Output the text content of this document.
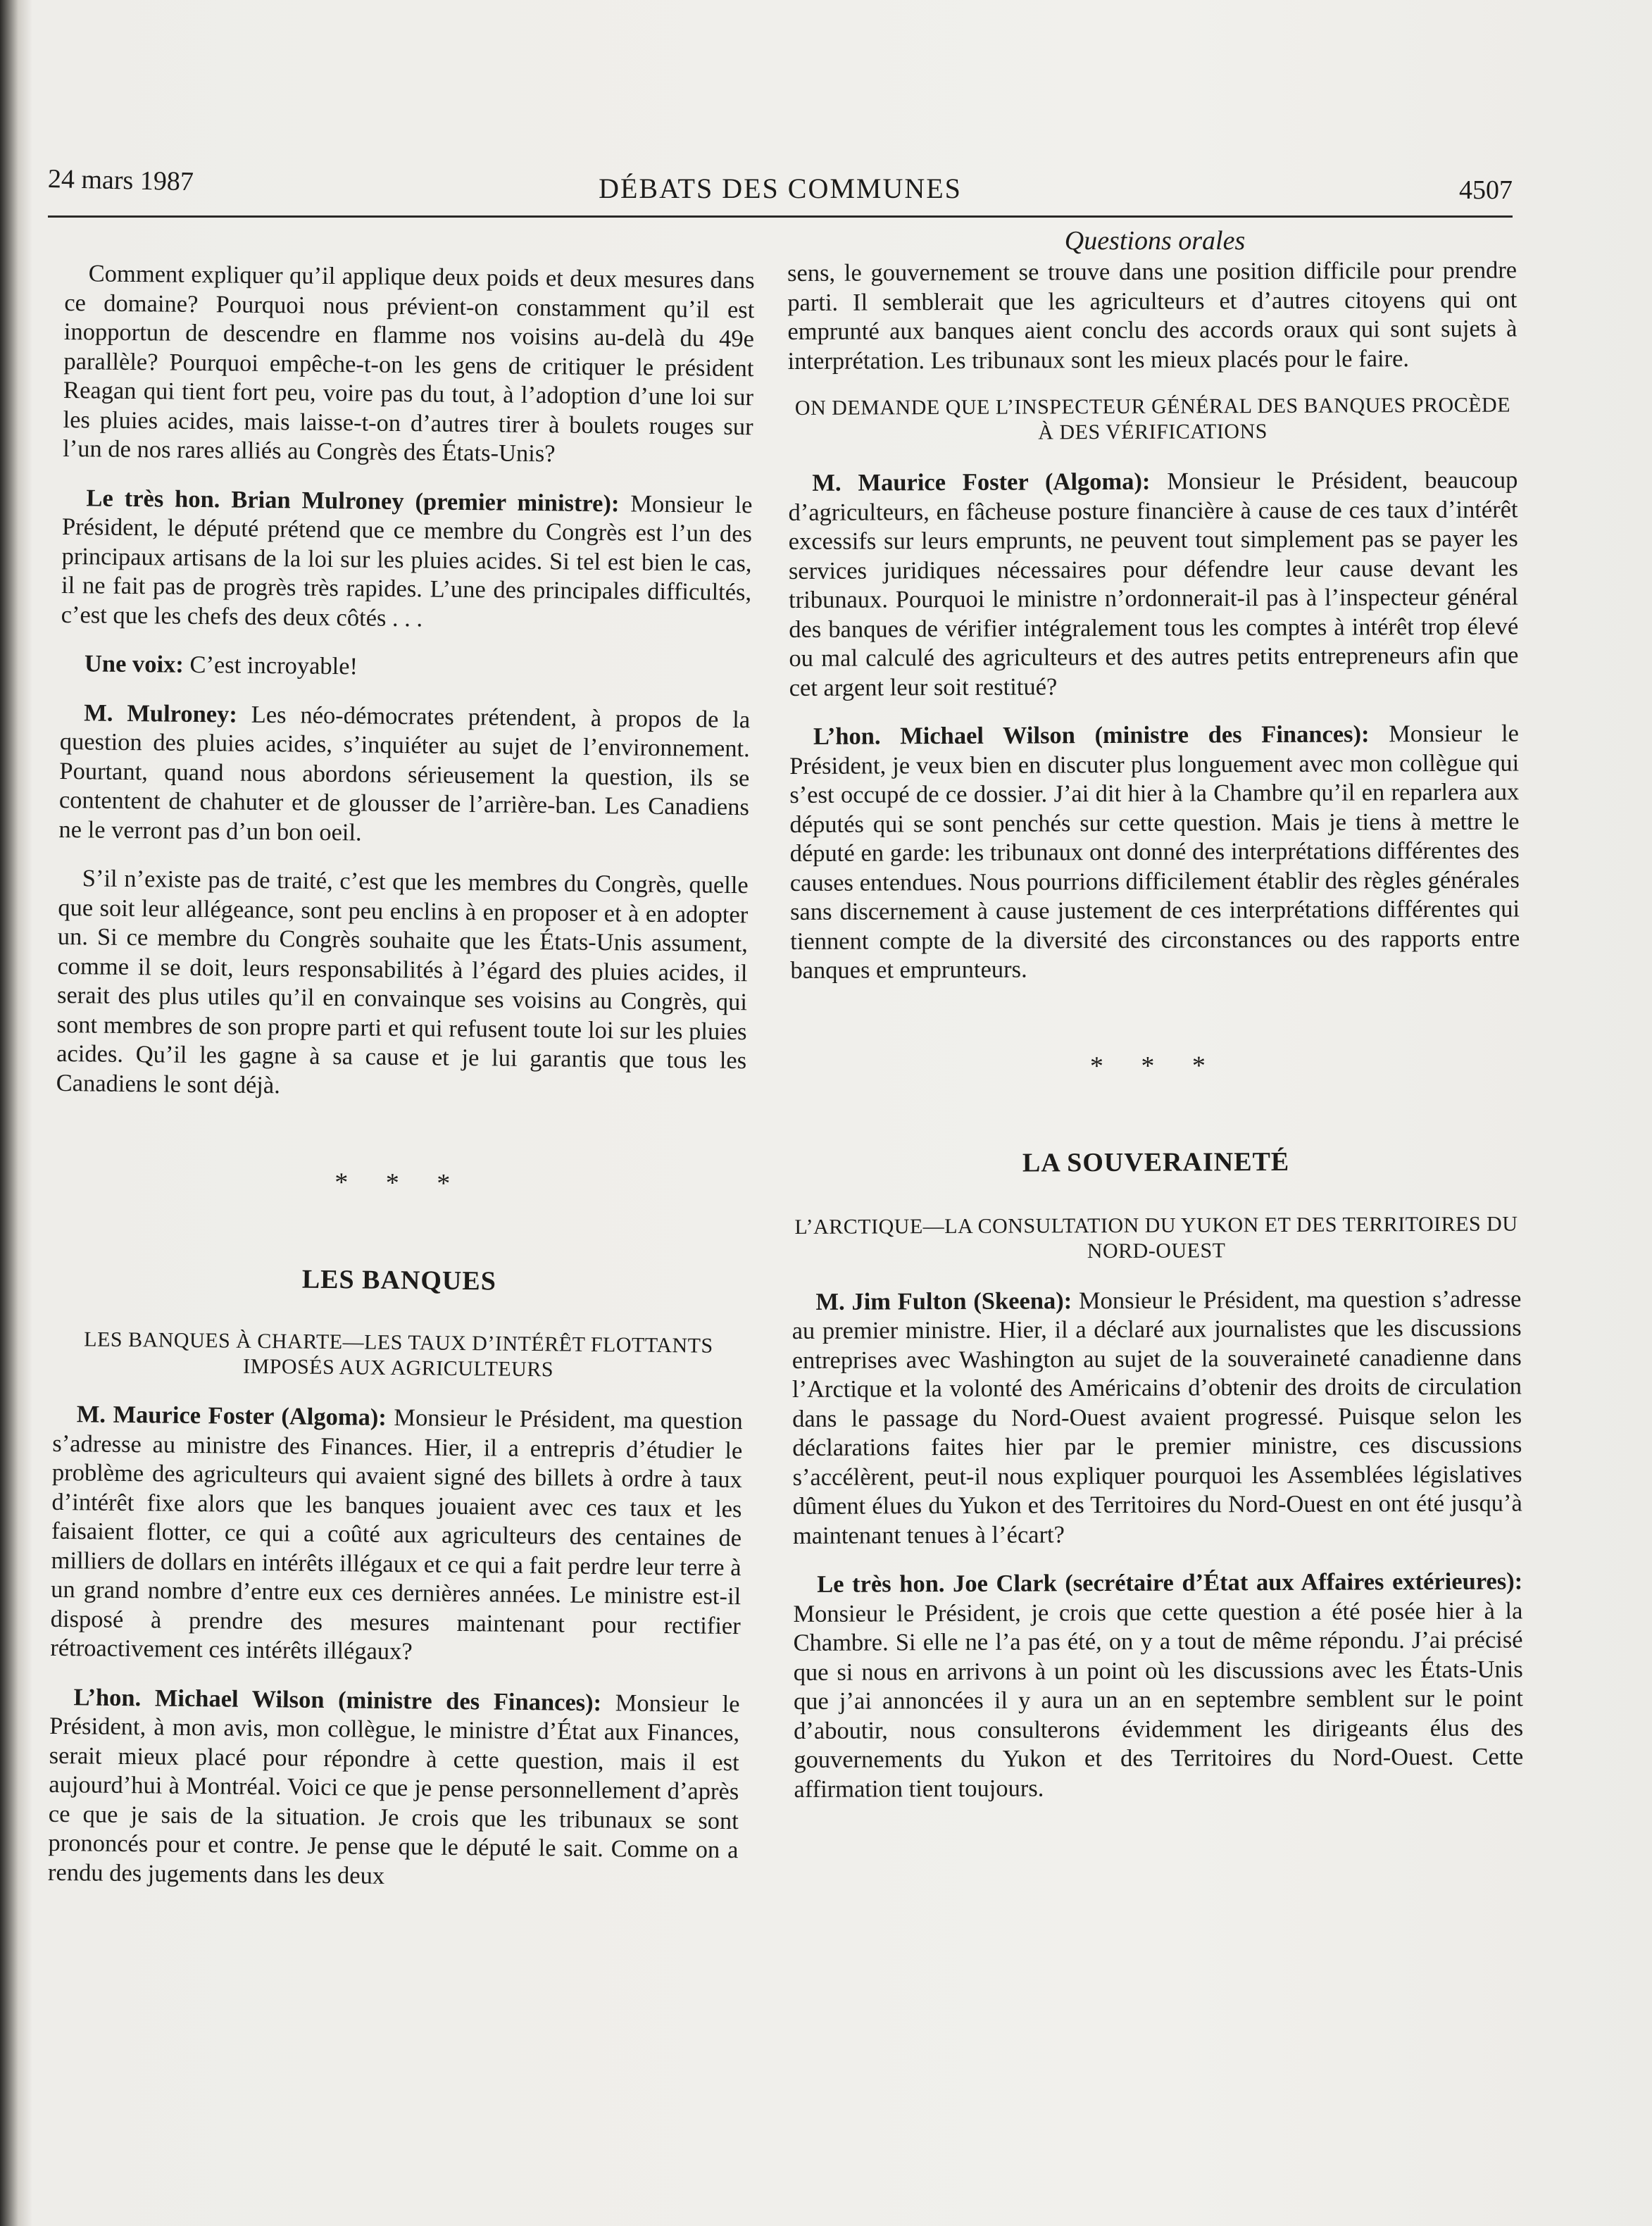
24 mars 1987	DÉBATS DES COMMUNES	4507
Questions orales

Comment expliquer qu’il applique deux poids et deux mesures dans ce domaine? Pourquoi nous prévient-on constamment qu’il est inopportun de descendre en flamme nos voisins au-delà du 49e parallèle? Pourquoi empêche-t-on les gens de critiquer le président Reagan qui tient fort peu, voire pas du tout, à l’adoption d’une loi sur les pluies acides, mais laisse-t-on d’autres tirer à boulets rouges sur l’un de nos rares alliés au Congrès des États-Unis?

Le très hon. Brian Mulroney (premier ministre): Monsieur le Président, le député prétend que ce membre du Congrès est l’un des principaux artisans de la loi sur les pluies acides. Si tel est bien le cas, il ne fait pas de progrès très rapides. L’une des principales difficultés, c’est que les chefs des deux côtés . . .

Une voix: C’est incroyable!

M. Mulroney: Les néo-démocrates prétendent, à propos de la question des pluies acides, s’inquiéter au sujet de l’environnement. Pourtant, quand nous abordons sérieusement la question, ils se contentent de chahuter et de glousser de l’arrière-ban. Les Canadiens ne le verront pas d’un bon oeil.

S’il n’existe pas de traité, c’est que les membres du Congrès, quelle que soit leur allégeance, sont peu enclins à en proposer et à en adopter un. Si ce membre du Congrès souhaite que les États-Unis assument, comme il se doit, leurs responsabilités à l’égard des pluies acides, il serait des plus utiles qu’il en convainque ses voisins au Congrès, qui sont membres de son propre parti et qui refusent toute loi sur les pluies acides. Qu’il les gagne à sa cause et je lui garantis que tous les Canadiens le sont déjà.

* * *
LES BANQUES
LES BANQUES À CHARTE—LES TAUX D’INTÉRÊT FLOTTANTS IMPOSÉS AUX AGRICULTEURS

M. Maurice Foster (Algoma): Monsieur le Président, ma question s’adresse au ministre des Finances. Hier, il a entrepris d’étudier le problème des agriculteurs qui avaient signé des billets à ordre à taux d’intérêt fixe alors que les banques jouaient avec ces taux et les faisaient flotter, ce qui a coûté aux agriculteurs des centaines de milliers de dollars en intérêts illégaux et ce qui a fait perdre leur terre à un grand nombre d’entre eux ces dernières années. Le ministre est-il disposé à prendre des mesures maintenant pour rectifier rétroactivement ces intérêts illégaux?

L’hon. Michael Wilson (ministre des Finances): Monsieur le Président, à mon avis, mon collègue, le ministre d’État aux Finances, serait mieux placé pour répondre à cette question, mais il est aujourd’hui à Montréal. Voici ce que je pense personnellement d’après ce que je sais de la situation. Je crois que les tribunaux se sont prononcés pour et contre. Je pense que le député le sait. Comme on a rendu des jugements dans les deux

sens, le gouvernement se trouve dans une position difficile pour prendre parti. Il semblerait que les agriculteurs et d’autres citoyens qui ont emprunté aux banques aient conclu des accords oraux qui sont sujets à interprétation. Les tribunaux sont les mieux placés pour le faire.

ON DEMANDE QUE L’INSPECTEUR GÉNÉRAL DES BANQUES PROCÈDE À DES VÉRIFICATIONS

M. Maurice Foster (Algoma): Monsieur le Président, beaucoup d’agriculteurs, en fâcheuse posture financière à cause de ces taux d’intérêt excessifs sur leurs emprunts, ne peuvent tout simplement pas se payer les services juridiques nécessaires pour défendre leur cause devant les tribunaux. Pourquoi le ministre n’ordonnerait-il pas à l’inspecteur général des banques de vérifier intégralement tous les comptes à intérêt trop élevé ou mal calculé des agriculteurs et des autres petits entrepreneurs afin que cet argent leur soit restitué?

L’hon. Michael Wilson (ministre des Finances): Monsieur le Président, je veux bien en discuter plus longuement avec mon collègue qui s’est occupé de ce dossier. J’ai dit hier à la Chambre qu’il en reparlera aux députés qui se sont penchés sur cette question. Mais je tiens à mettre le député en garde: les tribunaux ont donné des interprétations différentes des causes entendues. Nous pourrions difficilement établir des règles générales sans discernement à cause justement de ces interprétations différentes qui tiennent compte de la diversité des circonstances ou des rapports entre banques et emprunteurs.

* * *
LA SOUVERAINETÉ
L’ARCTIQUE—LA CONSULTATION DU YUKON ET DES TERRITOIRES DU NORD-OUEST

M. Jim Fulton (Skeena): Monsieur le Président, ma question s’adresse au premier ministre. Hier, il a déclaré aux journalistes que les discussions entreprises avec Washington au sujet de la souveraineté canadienne dans l’Arctique et la volonté des Américains d’obtenir des droits de circulation dans le passage du Nord-Ouest avaient progressé. Puisque selon les déclarations faites hier par le premier ministre, ces discussions s’accélèrent, peut-il nous expliquer pourquoi les Assemblées législatives dûment élues du Yukon et des Territoires du Nord-Ouest en ont été jusqu’à maintenant tenues à l’écart?

Le très hon. Joe Clark (secrétaire d’État aux Affaires extérieures): Monsieur le Président, je crois que cette question a été posée hier à la Chambre. Si elle ne l’a pas été, on y a tout de même répondu. J’ai précisé que si nous en arrivons à un point où les discussions avec les États-Unis que j’ai annoncées il y aura un an en septembre semblent sur le point d’aboutir, nous consulterons évidemment les dirigeants élus des gouvernements du Yukon et des Territoires du Nord-Ouest. Cette affirmation tient toujours.
